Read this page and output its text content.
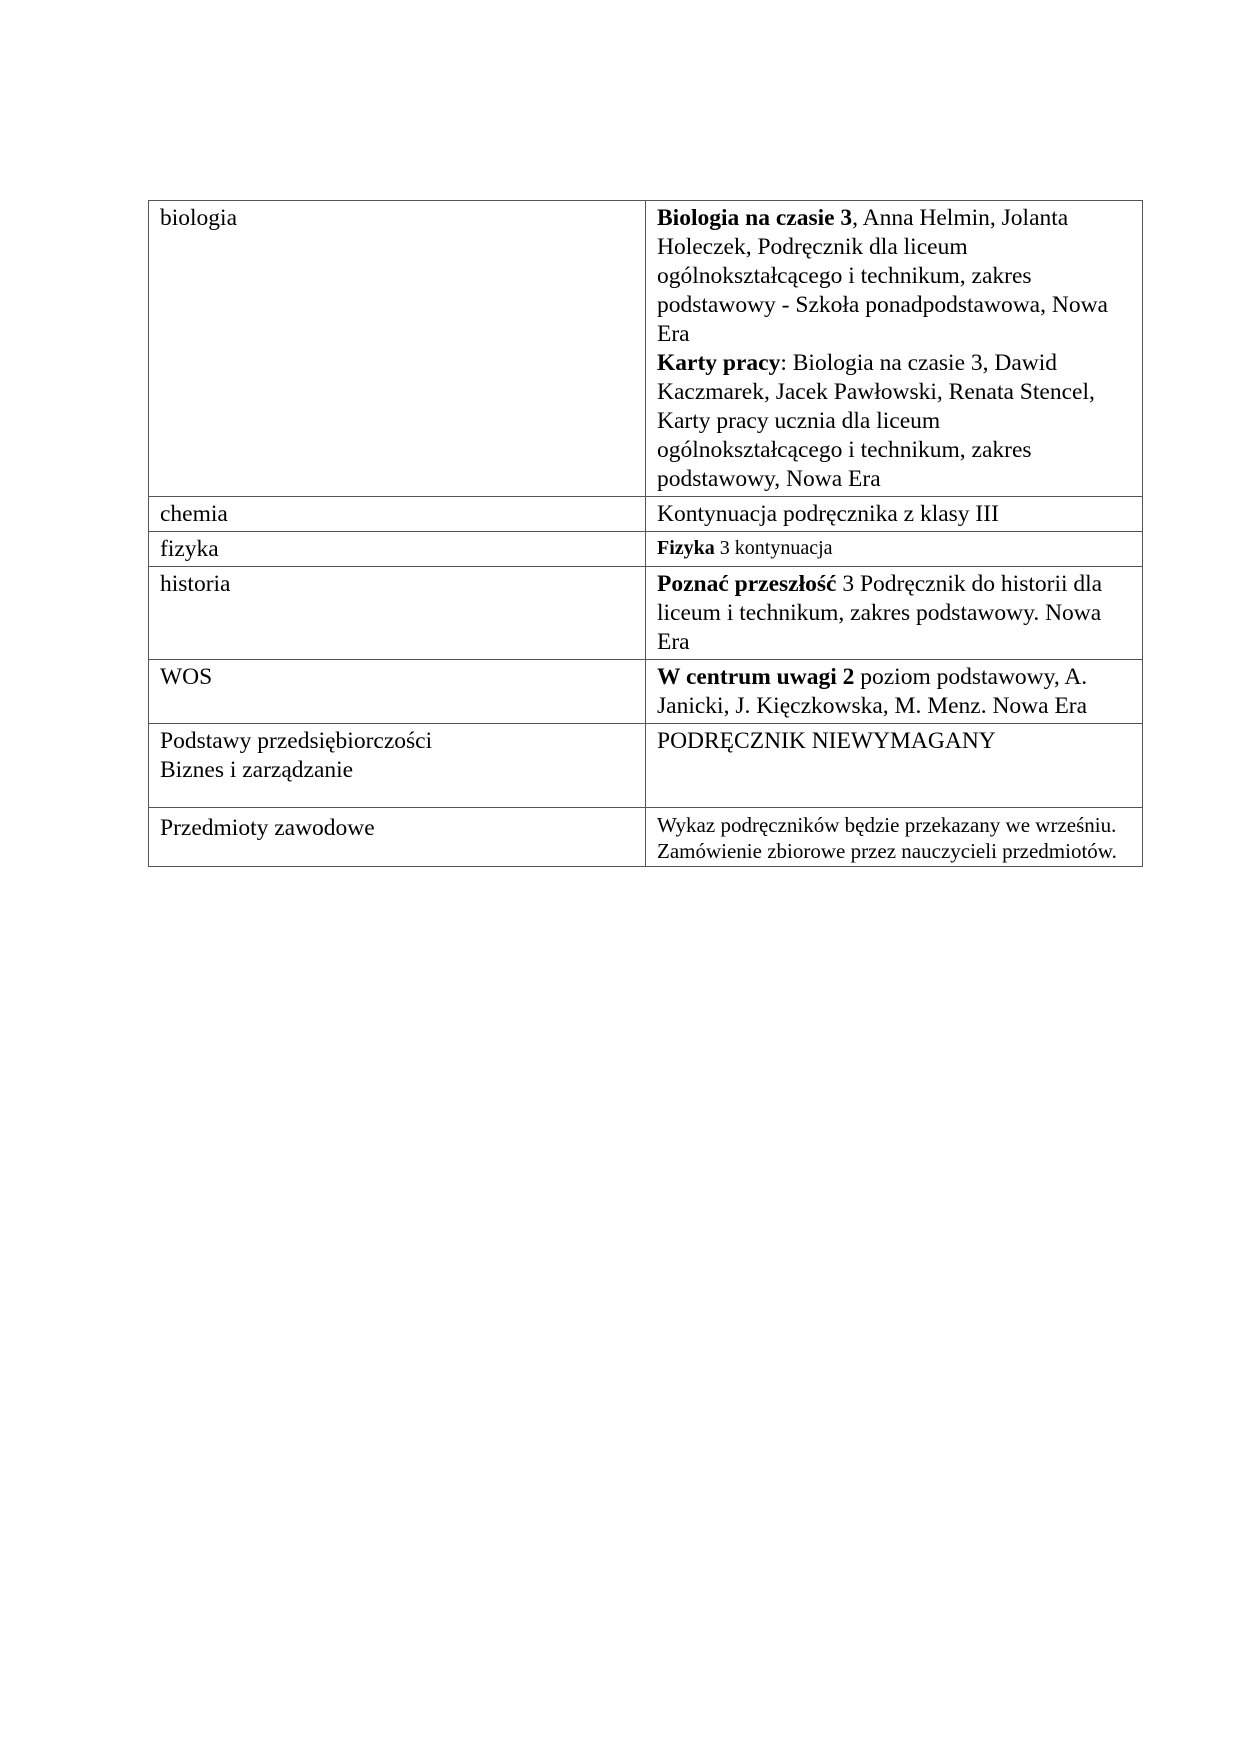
biologia	Biologia na czasie 3, Anna Helmin, Jolanta Holeczek, Podręcznik dla liceum ogólnokształcącego i technikum, zakres podstawowy - Szkoła ponadpodstawowa, Nowa Era
Karty pracy: Biologia na czasie 3, Dawid Kaczmarek, Jacek Pawłowski, Renata Stencel, Karty pracy ucznia dla liceum ogólnokształcącego i technikum, zakres podstawowy, Nowa Era
chemia	Kontynuacja podręcznika z klasy III
fizyka	Fizyka 3 kontynuacja
historia	Poznać przeszłość 3 Podręcznik do historii dla liceum i technikum, zakres podstawowy. Nowa Era
WOS	W centrum uwagi 2 poziom podstawowy, A. Janicki, J. Kięczkowska, M. Menz. Nowa Era

Podstawy przedsiębiorczości
Biznes i zarządzanie	PODRĘCZNIK NIEWYMAGANY
Przedmioty zawodowe	Wykaz podręczników będzie przekazany we wrześniu. Zamówienie zbiorowe przez nauczycieli przedmiotów.
